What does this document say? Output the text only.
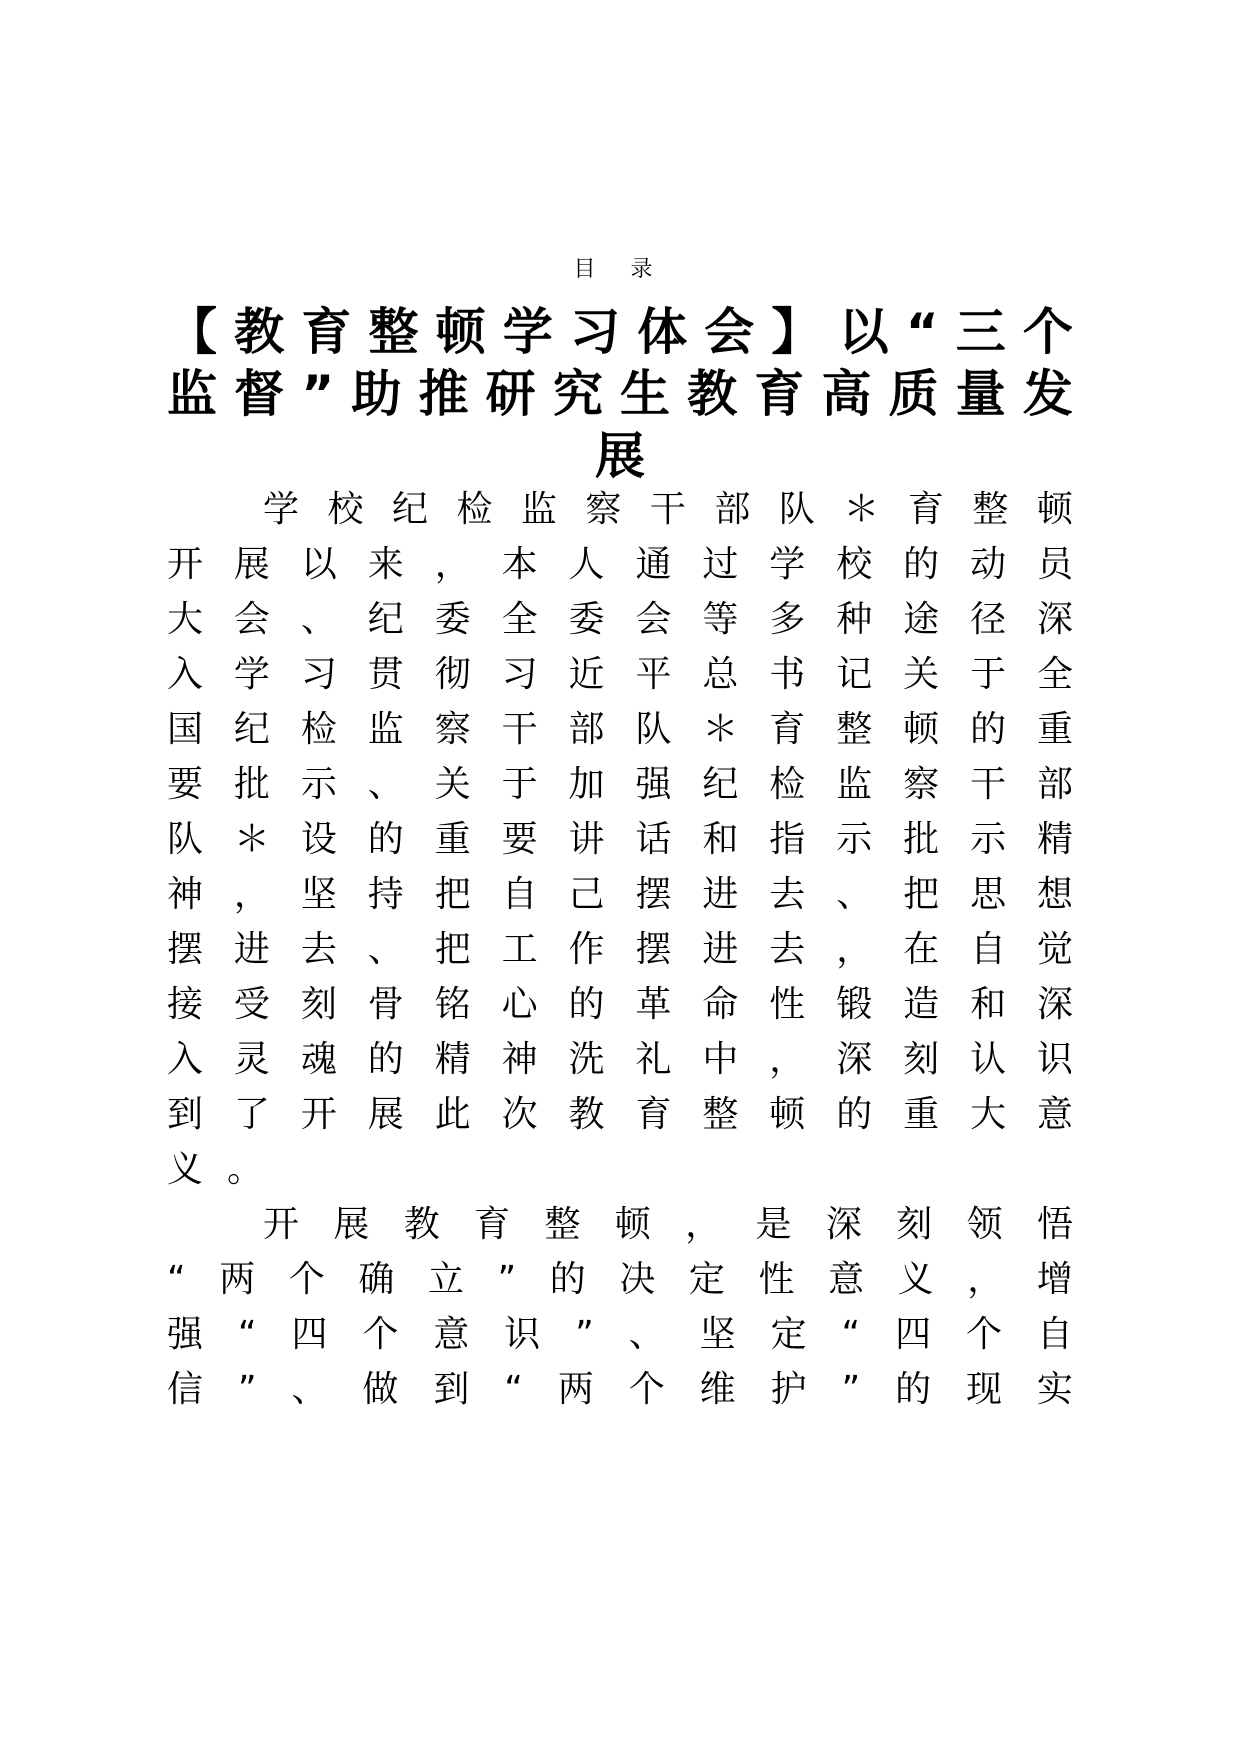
目 录
【 教 育 整 顿 学 习 体 会 】 以 “ 三 个
监 督 ” 助 推 研 究 生 教 育 高 质 量 发
展
学 校 纪 检 监 察 干 部 队 ＊ 育 整 顿
开 展 以 来 ， 本 人 通 过 学 校 的 动 员
大 会 、 纪 委 全 委 会 等 多 种 途 径 深
入 学 习 贯 彻 习 近 平 总 书 记 关 于 全
国 纪 检 监 察 干 部 队 ＊ 育 整 顿 的 重
要 批 示 、 关 于 加 强 纪 检 监 察 干 部
队 ＊ 设 的 重 要 讲 话 和 指 示 批 示 精
神 ， 坚 持 把 自 己 摆 进 去 、 把 思 想
摆 进 去 、 把 工 作 摆 进 去 ， 在 自 觉
接 受 刻 骨 铭 心 的 革 命 性 锻 造 和 深
入 灵 魂 的 精 神 洗 礼 中 ， 深 刻 认 识
到 了 开 展 此 次 教 育 整 顿 的 重 大 意
义 。
开 展 教 育 整 顿 ， 是 深 刻 领 悟
“ 两 个 确 立 ” 的 决 定 性 意 义 ， 增
强 “ 四 个 意 识 ” 、 坚 定 “ 四 个 自
信 ” 、 做 到 “ 两 个 维 护 ” 的 现 实
